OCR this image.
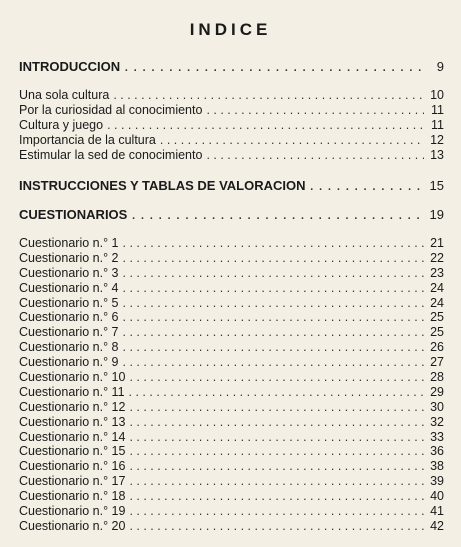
INDICE
INTRODUCCION . . .	9
Una sola cultura . . .	10
Por la curiosidad al conocimiento . . .	11
Cultura y juego . . .	11
Importancia de la cultura . . .	12
Estimular la sed de conocimiento . . .	13
INSTRUCCIONES Y TABLAS DE VALORACION . . .	15
CUESTIONARIOS . . .	19
Cuestionario n.° 1 . . .	21
Cuestionario n.° 2 . . .	22
Cuestionario n.° 3 . . .	23
Cuestionario n.° 4 . . .	24
Cuestionario n.° 5 . . .	24
Cuestionario n.° 6 . . .	25
Cuestionario n.° 7 . . .	25
Cuestionario n.° 8 . . .	26
Cuestionario n.° 9 . . .	27
Cuestionario n.° 10 . . .	28
Cuestionario n.° 11 . . .	29
Cuestionario n.° 12 . . .	30
Cuestionario n.° 13 . . .	32
Cuestionario n.° 14 . . .	33
Cuestionario n.° 15 . . .	36
Cuestionario n.° 16 . . .	38
Cuestionario n.° 17 . . .	39
Cuestionario n.° 18 . . .	40
Cuestionario n.° 19 . . .	41
Cuestionario n.° 20 . . .	42
